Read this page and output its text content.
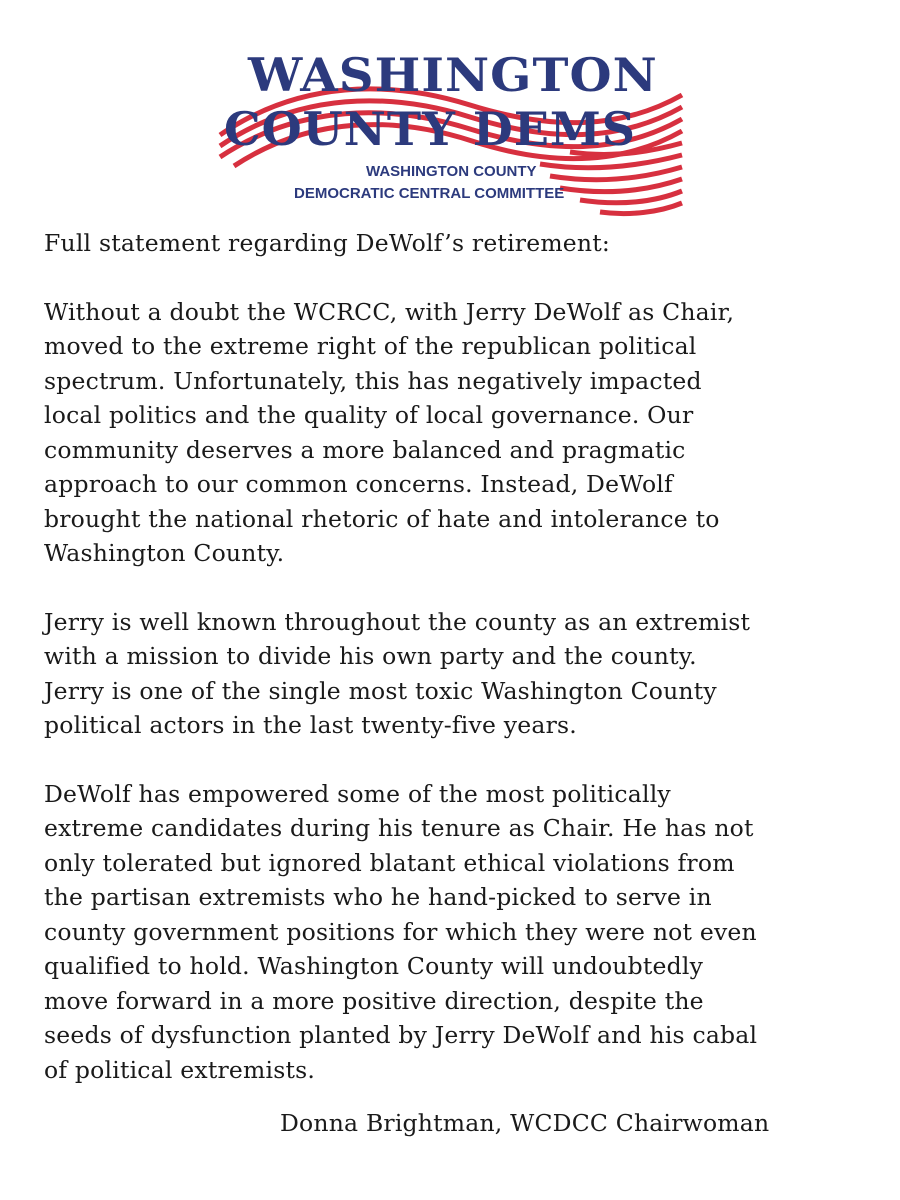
WASHINGTON
COUNTY DEMS
WASHINGTON COUNTY
DEMOCRATIC CENTRAL COMMITTEE

Full statement regarding DeWolf’s retirement:

Without a doubt the WCRCC, with Jerry DeWolf as Chair,

moved to the extreme right of the republican political

spectrum. Unfortunately, this has negatively impacted

local politics and the quality of local governance. Our

community deserves a more balanced and pragmatic

approach to our common concerns. Instead, DeWolf

brought the national rhetoric of hate and intolerance to

Washington County.

Jerry is well known throughout the county as an extremist

with a mission to divide his own party and the county.

Jerry is one of the single most toxic Washington County

political actors in the last twenty-five years.

DeWolf has empowered some of the most politically

extreme candidates during his tenure as Chair. He has not

only tolerated but ignored blatant ethical violations from

the partisan extremists who he hand-picked to serve in

county government positions for which they were not even

qualified to hold. Washington County will undoubtedly

move forward in a more positive direction, despite the

seeds of dysfunction planted by Jerry DeWolf and his cabal

of political extremists.

Donna Brightman, WCDCC Chairwoman
